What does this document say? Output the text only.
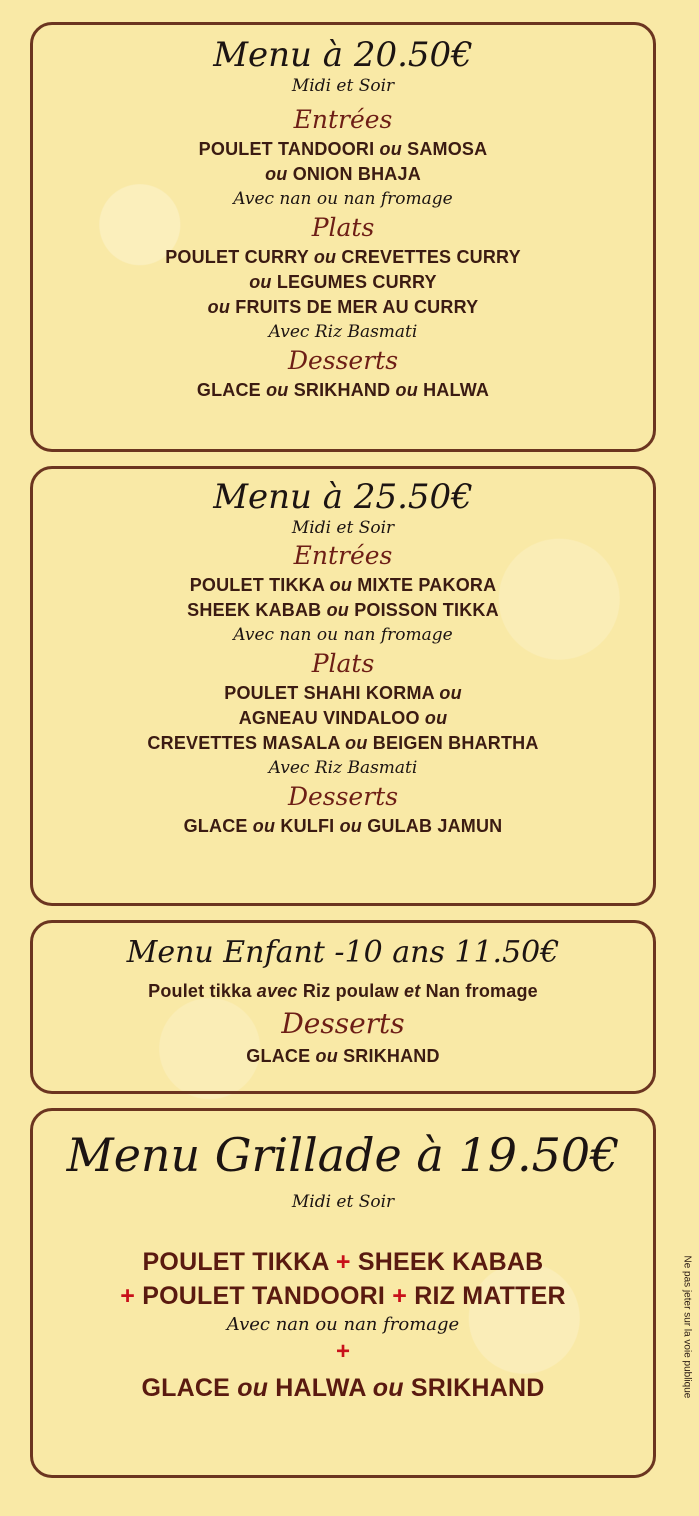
Menu à 20.50€
Midi et Soir
Entrées
POULET TANDOORI ou SAMOSA
ou ONION BHAJA
Avec nan ou nan fromage
Plats
POULET CURRY ou CREVETTES CURRY
ou LEGUMES CURRY
ou FRUITS DE MER AU CURRY
Avec Riz Basmati
Desserts
GLACE ou SRIKHAND ou HALWA
Menu à 25.50€
Midi et Soir
Entrées
POULET TIKKA ou MIXTE PAKORA
SHEEK KABAB ou POISSON TIKKA
Avec nan ou nan fromage
Plats
POULET SHAHI KORMA ou
AGNEAU VINDALOO ou
CREVETTES MASALA ou BEIGEN BHARTHA
Avec Riz Basmati
Desserts
GLACE ou KULFI ou GULAB JAMUN
Menu Enfant -10 ans 11.50€
Poulet tikka avec Riz poulaw et Nan fromage
Desserts
GLACE ou SRIKHAND
Menu Grillade à 19.50€
Midi et Soir
POULET TIKKA + SHEEK KABAB
+ POULET TANDOORI + RIZ MATTER
Avec nan ou nan fromage
+
GLACE ou HALWA ou SRIKHAND	Ne pas jeter sur la voie publique
